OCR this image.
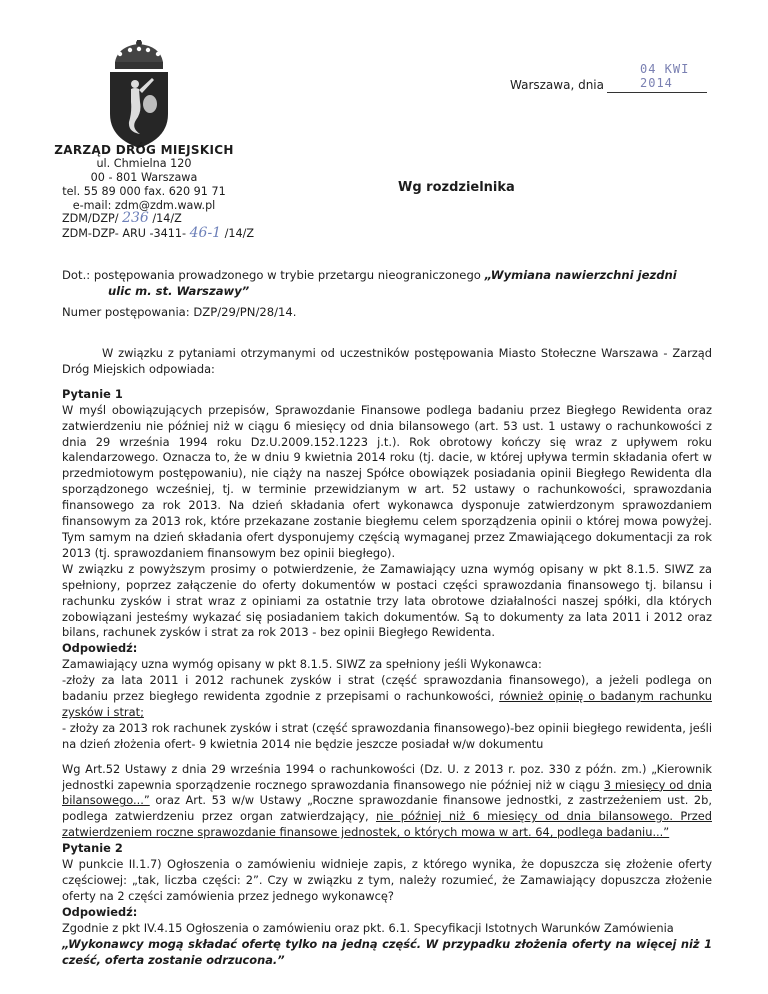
ZARZĄD DRÓG MIEJSKICH
ul. Chmielna 120
00 - 801 Warszawa
tel. 55 89 000 fax. 620 91 71
e-mail: zdm@zdm.waw.pl
ZDM/DZP/ 236 /14/Z
ZDM-DZP- ARU -3411- 46-1 /14/Z
04 KWI 2014
Warszawa, dnia
Wg rozdzielnika
Dot.: postępowania prowadzonego w trybie przetargu nieograniczonego „Wymiana nawierzchni jezdni
ulic m. st. Warszawy”
Numer postępowania: DZP/29/PN/28/14.

W związku z pytaniami otrzymanymi od uczestników postępowania Miasto Stołeczne Warszawa - Zarząd Dróg Miejskich odpowiada:

Pytanie 1

W myśl obowiązujących przepisów, Sprawozdanie Finansowe podlega badaniu przez Biegłego Rewidenta oraz zatwierdzeniu nie później niż w ciągu 6 miesięcy od dnia bilansowego (art. 53 ust. 1 ustawy o rachunkowości z dnia 29 września 1994 roku Dz.U.2009.152.1223 j.t.). Rok obrotowy kończy się wraz z upływem roku kalendarzowego. Oznacza to, że w dniu 9 kwietnia 2014 roku (tj. dacie, w której upływa termin składania ofert w przedmiotowym postępowaniu), nie ciąży na naszej Spółce obowiązek posiadania opinii Biegłego Rewidenta dla sporządzonego wcześniej, tj. w terminie przewidzianym w art. 52 ustawy o rachunkowości, sprawozdania finansowego za rok 2013. Na dzień składania ofert wykonawca dysponuje zatwierdzonym sprawozdaniem finansowym za 2013 rok, które przekazane zostanie biegłemu celem sporządzenia opinii o której mowa powyżej. Tym samym na dzień składania ofert dysponujemy częścią wymaganej przez Zmawiającego dokumentacji za rok 2013 (tj. sprawozdaniem finansowym bez opinii biegłego).

W związku z powyższym prosimy o potwierdzenie, że Zamawiający uzna wymóg opisany w pkt 8.1.5. SIWZ za spełniony, poprzez załączenie do oferty dokumentów w postaci części sprawozdania finansowego tj. bilansu i rachunku zysków i strat wraz z opiniami za ostatnie trzy lata obrotowe działalności naszej spółki, dla których zobowiązani jesteśmy wykazać się posiadaniem takich dokumentów. Są to dokumenty za lata 2011 i 2012 oraz bilans, rachunek zysków i strat za rok 2013 - bez opinii Biegłego Rewidenta.

Odpowiedź:

Zamawiający uzna wymóg opisany w pkt 8.1.5. SIWZ za spełniony jeśli Wykonawca:

-złoży za lata 2011 i 2012 rachunek zysków i strat (część sprawozdania finansowego), a jeżeli podlega on badaniu przez biegłego rewidenta zgodnie z przepisami o rachunkowości, również opinię o badanym rachunku zysków i strat;

- złoży za 2013 rok rachunek zysków i strat (część sprawozdania finansowego)-bez opinii biegłego rewidenta, jeśli na dzień złożenia ofert- 9 kwietnia 2014 nie będzie jeszcze posiadał w/w dokumentu

Wg Art.52 Ustawy z dnia 29 września 1994 o rachunkowości (Dz. U. z 2013 r. poz. 330 z późn. zm.) „Kierownik jednostki zapewnia sporządzenie rocznego sprawozdania finansowego nie później niż w ciągu 3 miesięcy od dnia bilansowego...” oraz Art. 53 w/w Ustawy „Roczne sprawozdanie finansowe jednostki, z zastrzeżeniem ust. 2b, podlega zatwierdzeniu przez organ zatwierdzający, nie później niż 6 miesięcy od dnia bilansowego. Przed zatwierdzeniem roczne sprawozdanie finansowe jednostek, o których mowa w art. 64, podlega badaniu...”

Pytanie 2

W punkcie II.1.7) Ogłoszenia o zamówieniu widnieje zapis, z którego wynika, że dopuszcza się złożenie oferty częściowej: „tak, liczba części: 2”. Czy w związku z tym, należy rozumieć, że Zamawiający dopuszcza złożenie oferty na 2 części zamówienia przez jednego wykonawcę?

Odpowiedź:

Zgodnie z pkt IV.4.15 Ogłoszenia o zamówieniu oraz pkt. 6.1. Specyfikacji Istotnych Warunków Zamówienia

„Wykonawcy mogą składać ofertę tylko na jedną część. W przypadku złożenia oferty na więcej niż 1 cześć, oferta zostanie odrzucona.”
